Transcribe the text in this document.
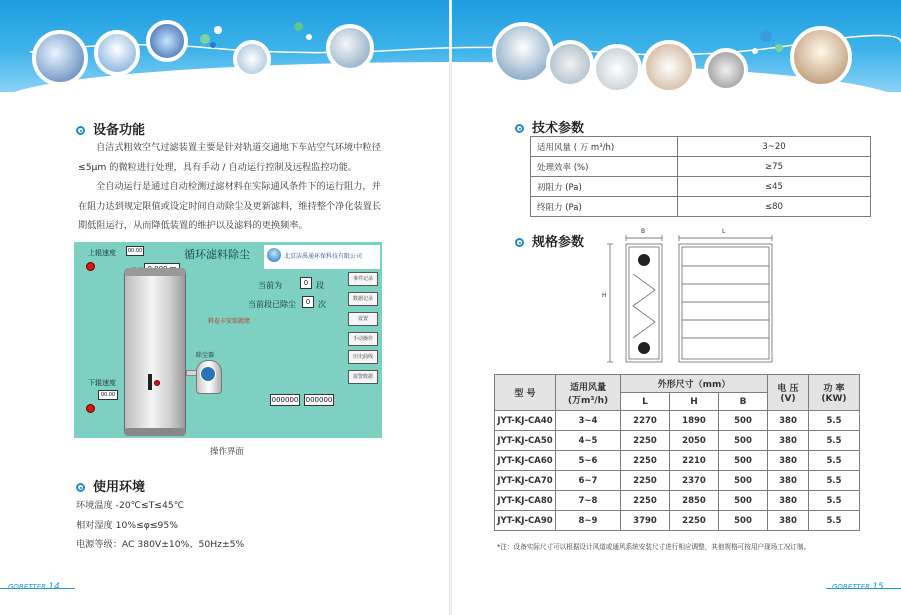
设备功能

自洁式粗效空气过滤装置主要是针对轨道交通地下车站空气环境中粒径

≤5μm 的微粒进行处理，具有手动 / 自动运行控制及远程监控功能。

全自动运行是通过自动检测过滤材料在实际通风条件下的运行阻力，并

在阻力达到规定限值或设定时间自动除尘及更新滤料，维持整个净化装置长

期低阻运行，从而降低装置的维护以及滤料的更换频率。

上辊速度	00.00	循环滤料除尘	北京洁禹通环保科技有限公司
下辊速度
00.00
当前为	0 段
当前段已除尘	0 次
料卷卡安装就绪
除尘器
000000 000000
事件记录
数据记录
设置
手动操作
历史曲线
报警数据
操作界面
使用环境

环境温度 -20℃≤T≤45℃

相对湿度 10%≤φ≤95%

电源等级：AC 380V±10%、50Hz±5%

GOBETTER 14
技术参数
适用风量 ( 万 m³/h)	3~20
处理效率 (%)	≥75
初阻力 (Pa)	≤45
终阻力 (Pa)	≤80
规格参数
B
H
L
型 号	适用风量
(万m³/h)	外形尺寸（mm）			电 压
(V)	功 率
(KW)
		L	H	B		
JYT-KJ-CA40	3~4	2270	1890	500	380	5.5
JYT-KJ-CA50	4~5	2250	2050	500	380	5.5
JYT-KJ-CA60	5~6	2250	2210	500	380	5.5
JYT-KJ-CA70	6~7	2250	2370	500	380	5.5
JYT-KJ-CA80	7~8	2250	2850	500	380	5.5
JYT-KJ-CA90	8~9	3790	2250	500	380	5.5
*注：设备实际尺寸可以根据设计风道或通风系统安装尺寸进行相应调整，其他规格可按用户现场工况订制。
GOBETTER 15
